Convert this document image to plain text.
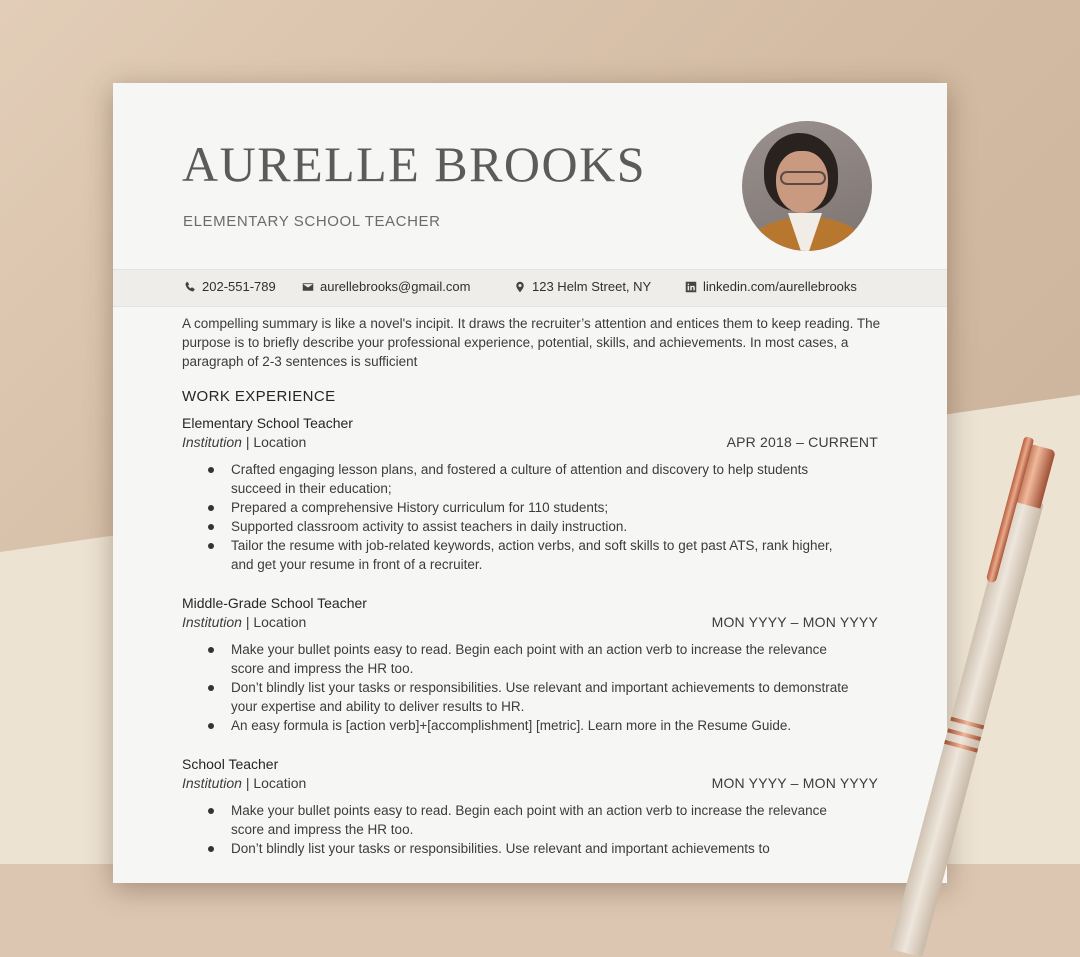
AURELLE BROOKS
ELEMENTARY SCHOOL TEACHER
202-551-789	aurellebrooks@gmail.com	123 Helm Street, NY	linkedin.com/aurellebrooks
A compelling summary is like a novel's incipit. It draws the recruiter’s attention and entices them to keep reading. The purpose is to briefly describe your professional experience, potential, skills, and achievements. In most cases, a paragraph of 2-3 sentences is sufficient
WORK EXPERIENCE
Elementary School Teacher
Institution | Location	APR 2018 – CURRENT
Crafted engaging lesson plans, and fostered a culture of attention and discovery to help students succeed in their education;
Prepared a comprehensive History curriculum for 110 students;
Supported classroom activity to assist teachers in daily instruction.
Tailor the resume with job-related keywords, action verbs, and soft skills to get past ATS, rank higher, and get your resume in front of a recruiter.
Middle-Grade School Teacher
Institution | Location	MON YYYY – MON YYYY
Make your bullet points easy to read. Begin each point with an action verb to increase the relevance score and impress the HR too.
Don’t blindly list your tasks or responsibilities. Use relevant and important achievements to demonstrate your expertise and ability to deliver results to HR.
An easy formula is [action verb]+[accomplishment] [metric]. Learn more in the Resume Guide.
School Teacher
Institution | Location	MON YYYY – MON YYYY
Make your bullet points easy to read. Begin each point with an action verb to increase the relevance score and impress the HR too.
Don’t blindly list your tasks or responsibilities. Use relevant and important achievements to
